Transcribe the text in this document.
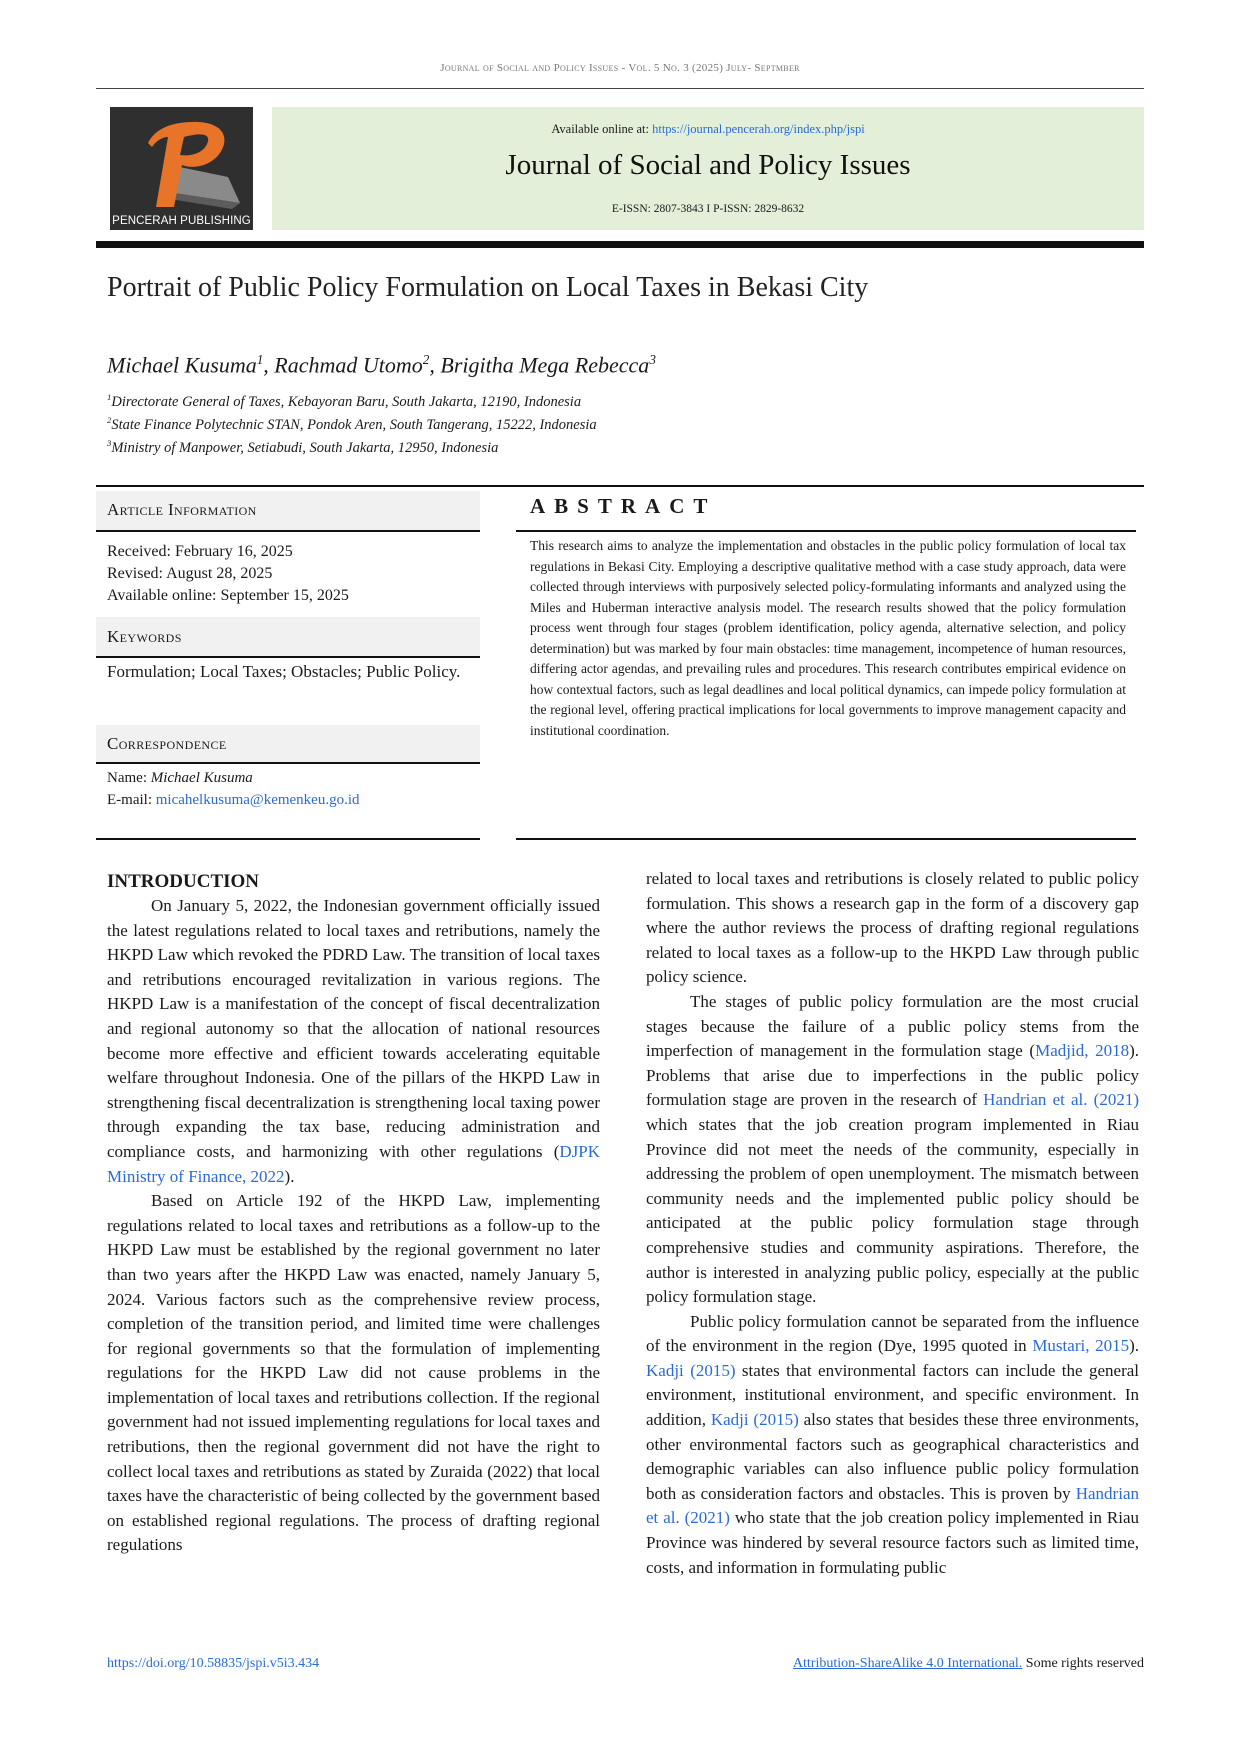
Journal of Social and Policy Issues - Vol. 5 No. 3 (2025) July- Septmber
PENCERAH PUBLISHING
Available online at: https://journal.pencerah.org/index.php/jspi
Journal of Social and Policy Issues
E-ISSN: 2807-3843 I P-ISSN: 2829-8632
Portrait of Public Policy Formulation on Local Taxes in Bekasi City
Michael Kusuma$^1$, Rachmad Utomo$^2$, Brigitha Mega Rebecca$^3$
$^1$Directorate General of Taxes, Kebayoran Baru, South Jakarta, 12190, Indonesia
$^2$State Finance Polytechnic STAN, Pondok Aren, South Tangerang, 15222, Indonesia
$^3$Ministry of Manpower, Setiabudi, South Jakarta, 12950, Indonesia
Article Information
Received: February 16, 2025
Revised: August 28, 2025
Available online: September 15, 2025
Keywords
Formulation; Local Taxes; Obstacles; Public Policy.
Correspondence
Name: Michael Kusuma
E-mail: micahelkusuma@kemenkeu.go.id
ABSTRACT
This research aims to analyze the implementation and obstacles in the public policy formulation of local tax regulations in Bekasi City. Employing a descriptive qualitative method with a case study approach, data were collected through interviews with purposively selected policy-formulating informants and analyzed using the Miles and Huberman interactive analysis model. The research results showed that the policy formulation process went through four stages (problem identification, policy agenda, alternative selection, and policy determination) but was marked by four main obstacles: time management, incompetence of human resources, differing actor agendas, and prevailing rules and procedures. This research contributes empirical evidence on how contextual factors, such as legal deadlines and local political dynamics, can impede policy formulation at the regional level, offering practical implications for local governments to improve management capacity and institutional coordination.

INTRODUCTION

On January 5, 2022, the Indonesian government officially issued the latest regulations related to local taxes and retributions, namely the HKPD Law which revoked the PDRD Law. The transition of local taxes and retributions encouraged revitalization in various regions. The HKPD Law is a manifestation of the concept of fiscal decentralization and regional autonomy so that the allocation of national resources become more effective and efficient towards accelerating equitable welfare throughout Indonesia. One of the pillars of the HKPD Law in strengthening fiscal decentralization is strengthening local taxing power through expanding the tax base, reducing administration and compliance costs, and harmonizing with other regulations (DJPK Ministry of Finance, 2022).

Based on Article 192 of the HKPD Law, implementing regulations related to local taxes and retributions as a follow-up to the HKPD Law must be established by the regional government no later than two years after the HKPD Law was enacted, namely January 5, 2024. Various factors such as the comprehensive review process, completion of the transition period, and limited time were challenges for regional governments so that the formulation of implementing regulations for the HKPD Law did not cause problems in the implementation of local taxes and retributions collection. If the regional government had not issued implementing regulations for local taxes and retributions, then the regional government did not have the right to collect local taxes and retributions as stated by Zuraida (2022) that local taxes have the characteristic of being collected by the government based on established regional regulations. The process of drafting regional regulations

related to local taxes and retributions is closely related to public policy formulation. This shows a research gap in the form of a discovery gap where the author reviews the process of drafting regional regulations related to local taxes as a follow-up to the HKPD Law through public policy science.

The stages of public policy formulation are the most crucial stages because the failure of a public policy stems from the imperfection of management in the formulation stage (Madjid, 2018). Problems that arise due to imperfections in the public policy formulation stage are proven in the research of Handrian et al. (2021) which states that the job creation program implemented in Riau Province did not meet the needs of the community, especially in addressing the problem of open unemployment. The mismatch between community needs and the implemented public policy should be anticipated at the public policy formulation stage through comprehensive studies and community aspirations. Therefore, the author is interested in analyzing public policy, especially at the public policy formulation stage.

Public policy formulation cannot be separated from the influence of the environment in the region (Dye, 1995 quoted in Mustari, 2015). Kadji (2015) states that environmental factors can include the general environment, institutional environment, and specific environment. In addition, Kadji (2015) also states that besides these three environments, other environmental factors such as geographical characteristics and demographic variables can also influence public policy formulation both as consideration factors and obstacles. This is proven by Handrian et al. (2021) who state that the job creation policy implemented in Riau Province was hindered by several resource factors such as limited time, costs, and information in formulating public

https://doi.org/10.58835/jspi.v5i3.434	Attribution-ShareAlike 4.0 International. Some rights reserved
